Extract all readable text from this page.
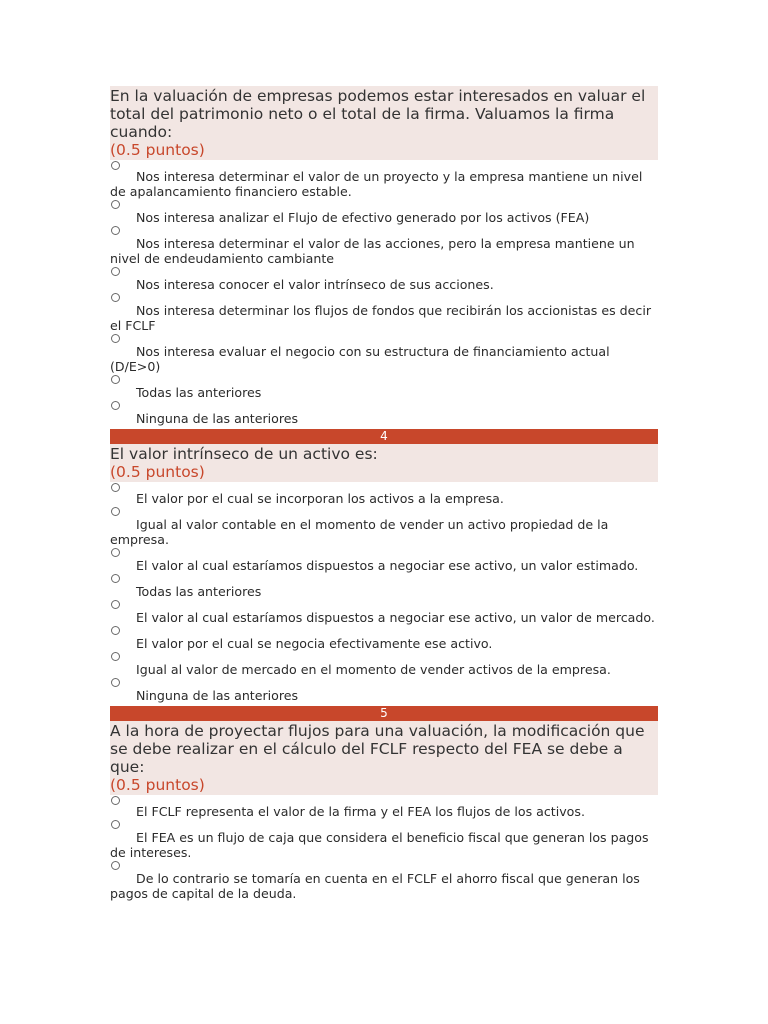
En la valuación de empresas podemos estar interesados en valuar el total del patrimonio neto o el total de la firma. Valuamos la firma cuando:
(0.5 puntos)
Nos interesa determinar el valor de un proyecto y la empresa mantiene un nivel de apalancamiento financiero estable.
Nos interesa analizar el Flujo de efectivo generado por los activos (FEA)
Nos interesa determinar el valor de las acciones, pero la empresa mantiene un nivel de endeudamiento cambiante
Nos interesa conocer el valor intrínseco de sus acciones.
Nos interesa determinar los flujos de fondos que recibirán los accionistas es decir el FCLF
Nos interesa evaluar el negocio con su estructura de financiamiento actual (D/E>0)
Todas las anteriores
Ninguna de las anteriores
4
El valor intrínseco de un activo es:
(0.5 puntos)
El valor por el cual se incorporan los activos a la empresa.
Igual al valor contable en el momento de vender un activo propiedad de la empresa.
El valor al cual estaríamos dispuestos a negociar ese activo, un valor estimado.
Todas las anteriores
El valor al cual estaríamos dispuestos a negociar ese activo, un valor de mercado.
El valor por el cual se negocia efectivamente ese activo.
Igual al valor de mercado en el momento de vender activos de la empresa.
Ninguna de las anteriores
5
A la hora de proyectar flujos para una valuación, la modificación que se debe realizar en el cálculo del FCLF respecto del FEA se debe a que:
(0.5 puntos)
El FCLF representa el valor de la firma y el FEA los flujos de los activos.
El FEA es un flujo de caja que considera el beneficio fiscal que generan los pagos de intereses.
De lo contrario se tomaría en cuenta en el FCLF el ahorro fiscal que generan los pagos de capital de la deuda.
